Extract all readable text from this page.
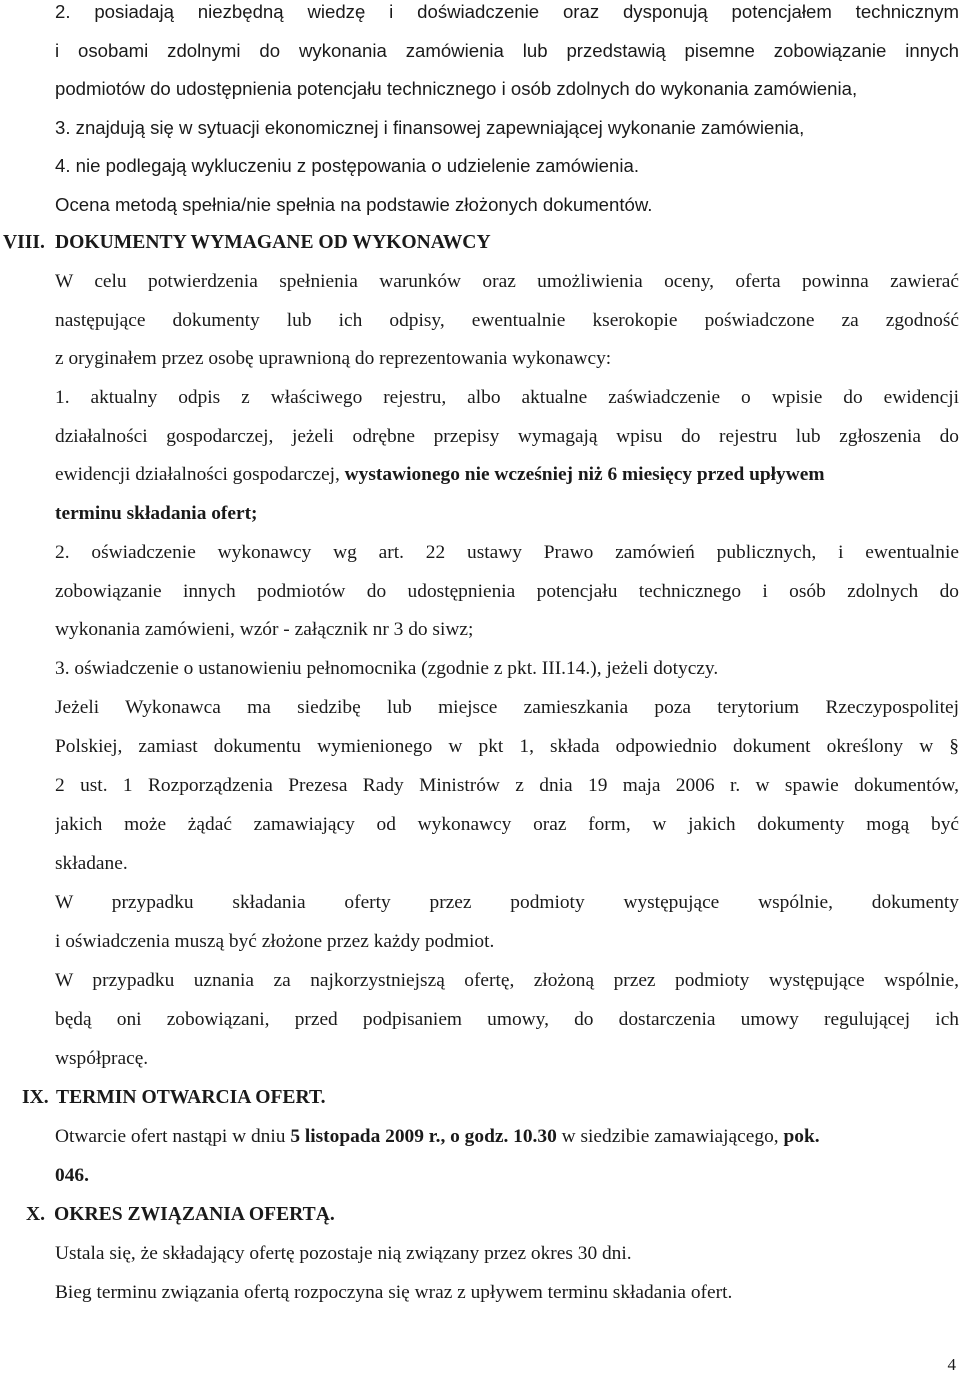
2. posiadają niezbędną wiedzę i doświadczenie oraz dysponują potencjałem technicznym
i osobami zdolnymi do wykonania zamówienia lub przedstawią pisemne zobowiązanie innych
podmiotów do udostępnienia potencjału technicznego i osób zdolnych do wykonania zamówienia,
3. znajdują się w sytuacji ekonomicznej i finansowej zapewniającej wykonanie zamówienia,
4. nie podlegają wykluczeniu z postępowania o udzielenie zamówienia.
Ocena metodą spełnia/nie spełnia na podstawie złożonych dokumentów.
VIII. DOKUMENTY WYMAGANE OD WYKONAWCY
W celu potwierdzenia spełnienia warunków oraz umożliwienia oceny, oferta powinna zawierać
następujące dokumenty lub ich odpisy, ewentualnie kserokopie poświadczone za zgodność
z oryginałem przez osobę uprawnioną do reprezentowania wykonawcy:
1. aktualny odpis z właściwego rejestru, albo aktualne zaświadczenie o wpisie do ewidencji
działalności gospodarczej, jeżeli odrębne przepisy wymagają wpisu do rejestru lub zgłoszenia do
ewidencji działalności gospodarczej, wystawionego nie wcześniej niż 6 miesięcy przed upływem
terminu składania ofert;
2. oświadczenie wykonawcy wg art. 22 ustawy Prawo zamówień publicznych, i ewentualnie
zobowiązanie innych podmiotów do udostępnienia potencjału technicznego i osób zdolnych do
wykonania zamówieni, wzór - załącznik nr 3 do siwz;
3. oświadczenie o ustanowieniu pełnomocnika (zgodnie z pkt. III.14.), jeżeli dotyczy.
Jeżeli Wykonawca ma siedzibę lub miejsce zamieszkania poza terytorium Rzeczypospolitej
Polskiej, zamiast dokumentu wymienionego w pkt 1, składa odpowiednio dokument określony w §
2 ust. 1 Rozporządzenia Prezesa Rady Ministrów z dnia 19 maja 2006 r. w spawie dokumentów,
jakich może żądać zamawiający od wykonawcy oraz form, w jakich dokumenty mogą być
składane.
W przypadku składania oferty przez podmioty występujące wspólnie, dokumenty
i oświadczenia muszą być złożone przez każdy podmiot.
W przypadku uznania za najkorzystniejszą ofertę, złożoną przez podmioty występujące wspólnie,
będą oni zobowiązani, przed podpisaniem umowy, do dostarczenia umowy regulującej ich
współpracę.
IX. TERMIN OTWARCIA OFERT.
Otwarcie ofert nastąpi w dniu 5 listopada 2009 r., o godz. 10.30 w siedzibie zamawiającego, pok.
046.
X. OKRES ZWIĄZANIA OFERTĄ.
Ustala się, że składający ofertę pozostaje nią związany przez okres 30 dni.
Bieg terminu związania ofertą rozpoczyna się wraz z upływem terminu składania ofert.
4
